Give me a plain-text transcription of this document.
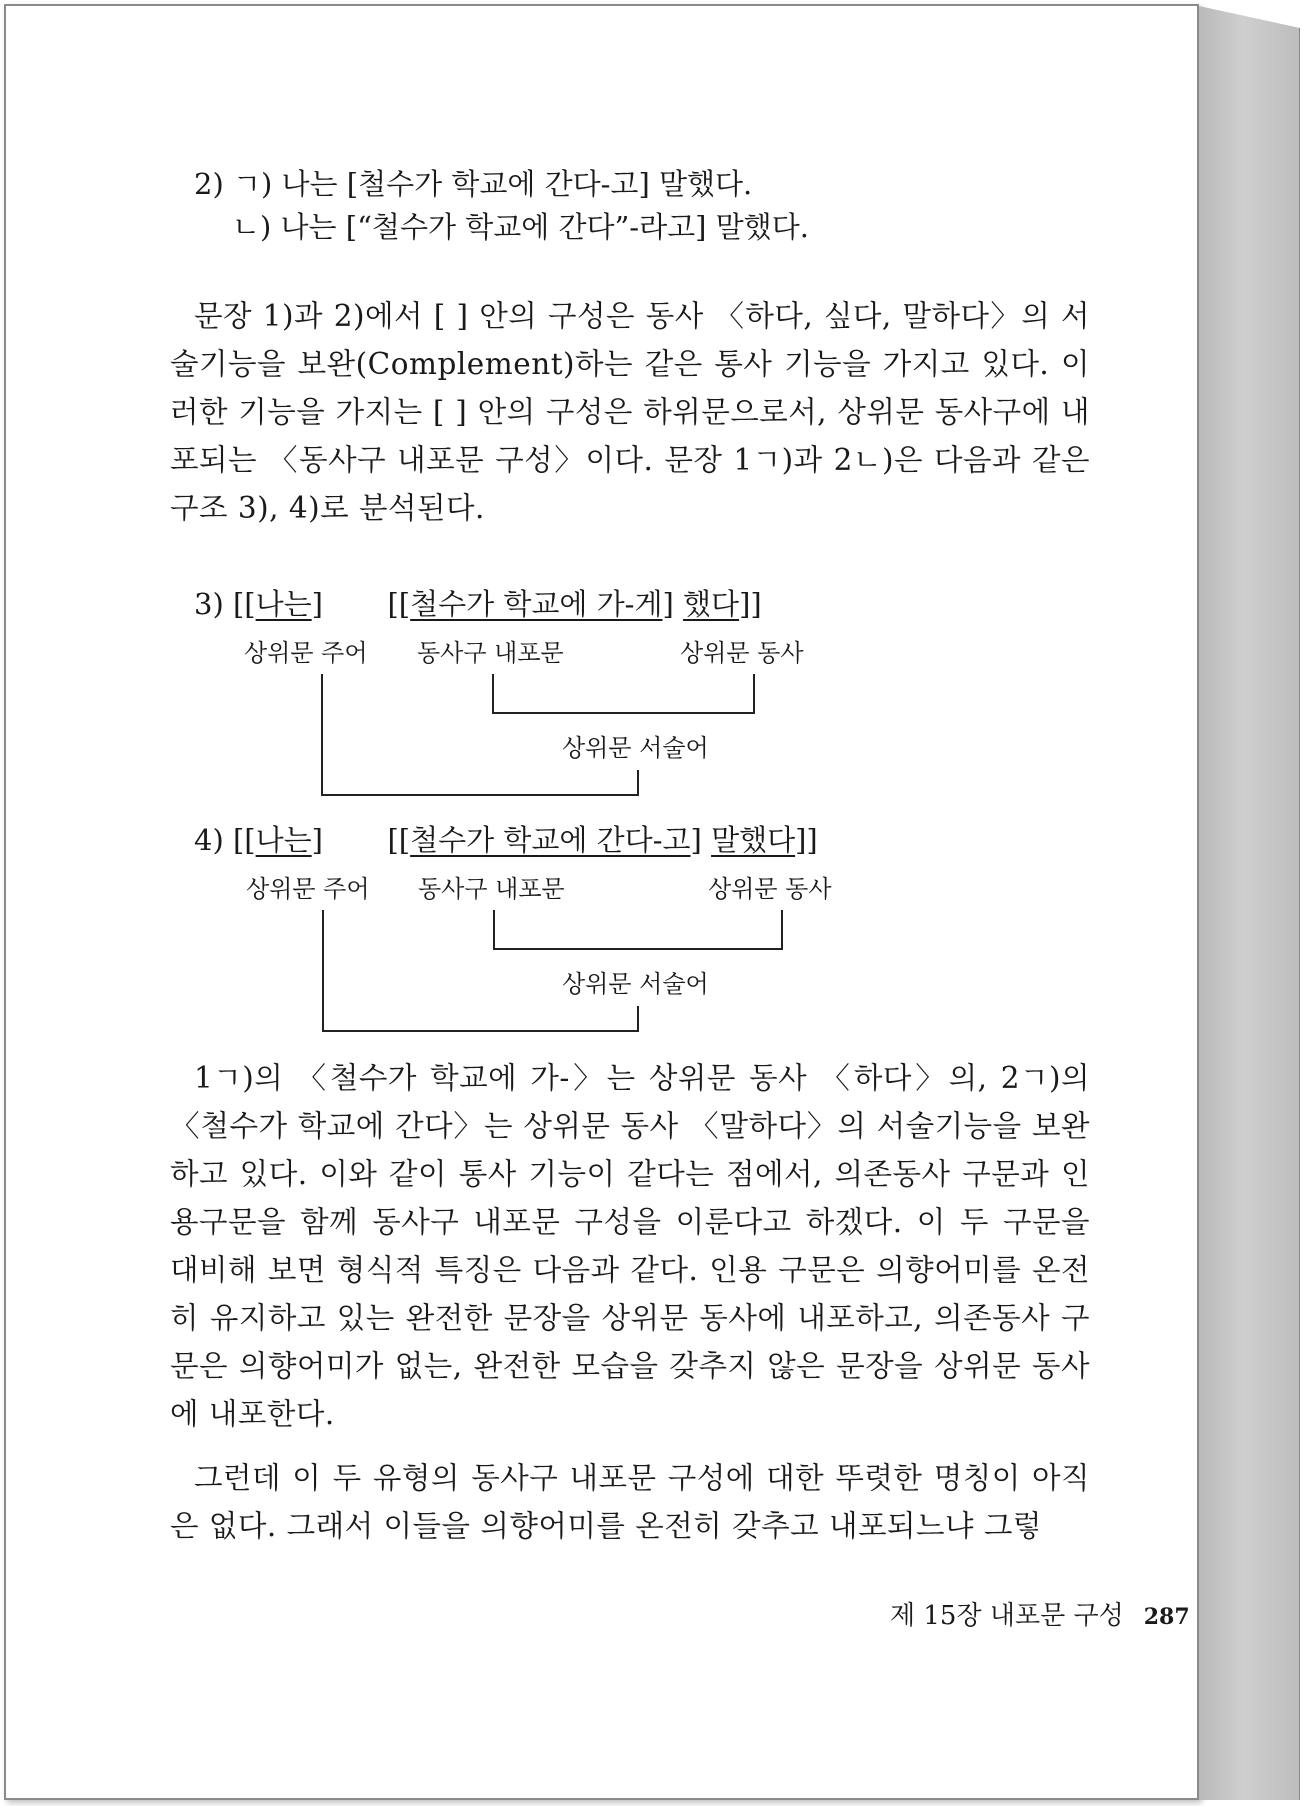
2) ㄱ) 나는 [철수가 학교에 간다-고] 말했다.
ㄴ) 나는 [“철수가 학교에 간다”-라고] 말했다.
문장 1)과 2)에서 [ ] 안의 구성은 동사 〈하다, 싶다, 말하다〉의 서술기능을 보완(Complement)하는 같은 통사 기능을 가지고 있다. 이러한 기능을 가지는 [ ] 안의 구성은 하위문으로서, 상위문 동사구에 내포되는 〈동사구 내포문 구성〉이다. 문장 1ㄱ)과 2ㄴ)은 다음과 같은 구조 3), 4)로 분석된다.
3) [[나는]       [[철수가 학교에 가-게] 했다]]
상위문 주어 동사구 내포문	상위문 동사
상위문 서술어
4) [[나는]       [[철수가 학교에 간다-고] 말했다]]
상위문 주어 동사구 내포문	상위문 동사
상위문 서술어
1ㄱ)의 〈철수가 학교에 가-〉는 상위문 동사 〈하다〉의, 2ㄱ)의 〈철수가 학교에 간다〉는 상위문 동사 〈말하다〉의 서술기능을 보완하고 있다. 이와 같이 통사 기능이 같다는 점에서, 의존동사 구문과 인용구문을 함께 동사구 내포문 구성을 이룬다고 하겠다. 이 두 구문을 대비해 보면 형식적 특징은 다음과 같다. 인용 구문은 의향어미를 온전히 유지하고 있는 완전한 문장을 상위문 동사에 내포하고, 의존동사 구문은 의향어미가 없는, 완전한 모습을 갖추지 않은 문장을 상위문 동사에 내포한다.
그런데 이 두 유형의 동사구 내포문 구성에 대한 뚜렷한 명칭이 아직은 없다. 그래서 이들을 의향어미를 온전히 갖추고 내포되느냐 그렇
제 15장 내포문 구성 287
